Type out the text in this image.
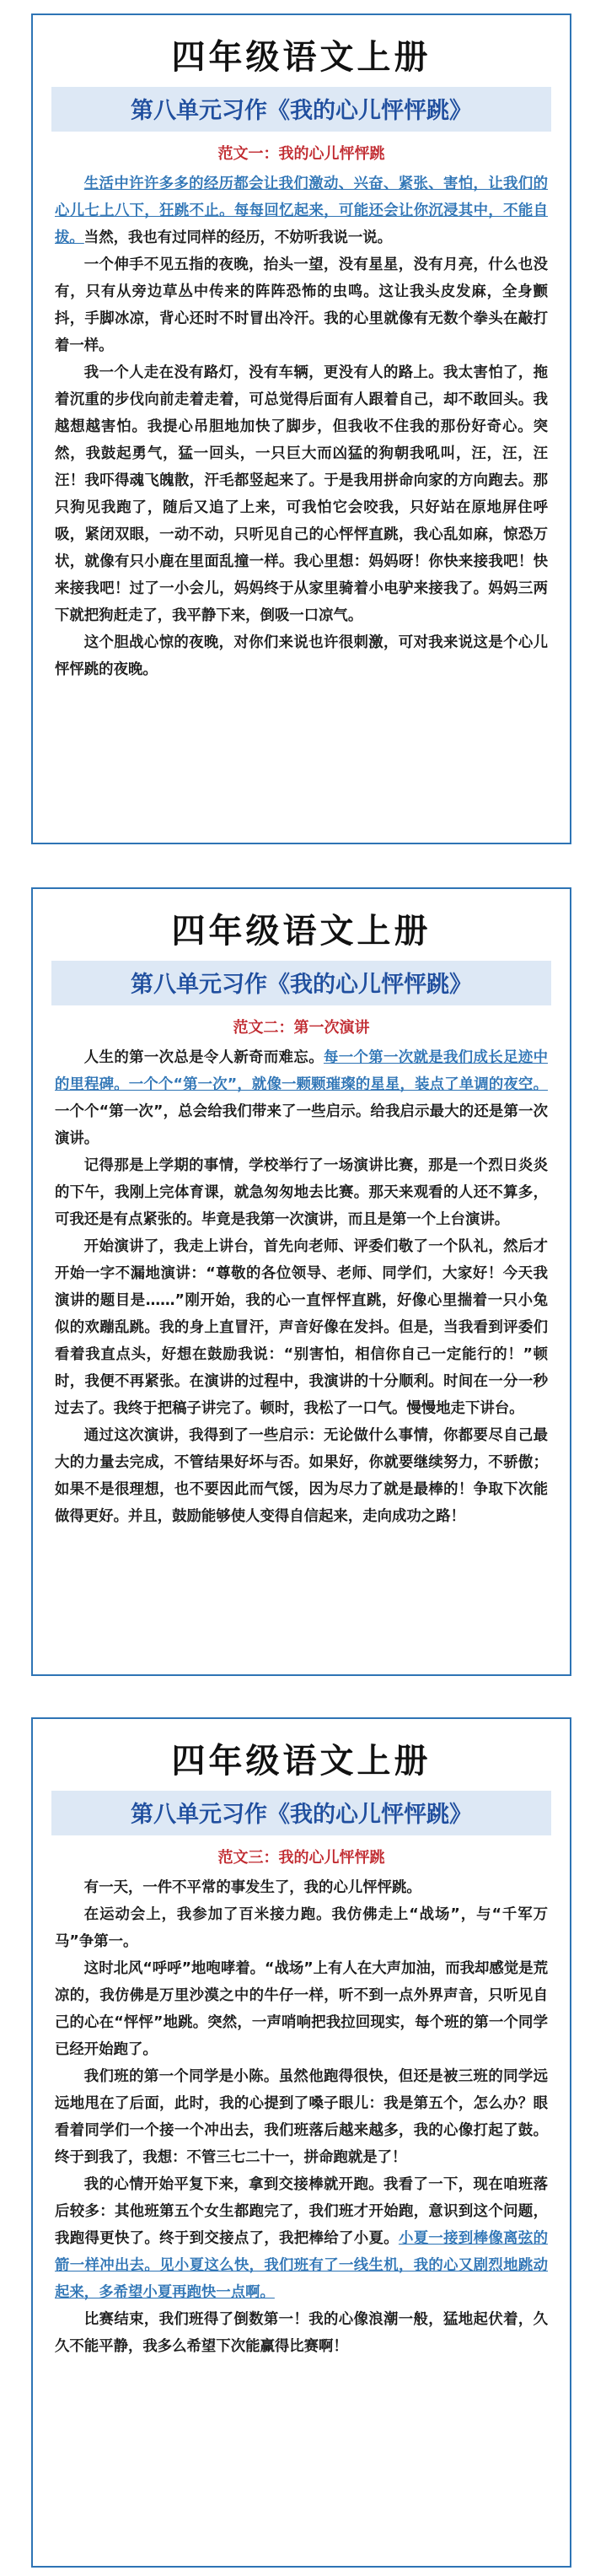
四年级语文上册
第八单元习作《我的心儿怦怦跳》
范文一：我的心儿怦怦跳

生活中许许多多的经历都会让我们激动、兴奋、紧张、害怕，让我们的心儿七上八下，狂跳不止。每每回忆起来，可能还会让你沉浸其中，不能自拔。当然，我也有过同样的经历，不妨听我说一说。

一个伸手不见五指的夜晚，抬头一望，没有星星，没有月亮，什么也没有，只有从旁边草丛中传来的阵阵恐怖的虫鸣。这让我头皮发麻，全身颤抖，手脚冰凉，背心还时不时冒出冷汗。我的心里就像有无数个拳头在敲打着一样。

我一个人走在没有路灯，没有车辆，更没有人的路上。我太害怕了，拖着沉重的步伐向前走着走着，可总觉得后面有人跟着自己，却不敢回头。我越想越害怕。我提心吊胆地加快了脚步，但我收不住我的那份好奇心。突然，我鼓起勇气，猛一回头，一只巨大而凶猛的狗朝我吼叫，汪，汪，汪汪！我吓得魂飞魄散，汗毛都竖起来了。于是我用拼命向家的方向跑去。那只狗见我跑了，随后又追了上来，可我怕它会咬我，只好站在原地屏住呼吸，紧闭双眼，一动不动，只听见自己的心怦怦直跳，我心乱如麻，惊恐万状，就像有只小鹿在里面乱撞一样。我心里想：妈妈呀！你快来接我吧！快来接我吧！过了一小会儿，妈妈终于从家里骑着小电驴来接我了。妈妈三两下就把狗赶走了，我平静下来，倒吸一口凉气。

这个胆战心惊的夜晚，对你们来说也许很刺激，可对我来说这是个心儿怦怦跳的夜晚。

四年级语文上册
第八单元习作《我的心儿怦怦跳》
范文二：第一次演讲

人生的第一次总是令人新奇而难忘。每一个第一次就是我们成长足迹中的里程碑。一个个“第一次”，就像一颗颗璀璨的星星，装点了单调的夜空。一个个“第一次”，总会给我们带来了一些启示。给我启示最大的还是第一次演讲。

记得那是上学期的事情，学校举行了一场演讲比赛，那是一个烈日炎炎的下午，我刚上完体育课，就急匆匆地去比赛。那天来观看的人还不算多，可我还是有点紧张的。毕竟是我第一次演讲，而且是第一个上台演讲。

开始演讲了，我走上讲台，首先向老师、评委们敬了一个队礼，然后才开始一字不漏地演讲：“尊敬的各位领导、老师、同学们，大家好！今天我演讲的题目是……”刚开始，我的心一直怦怦直跳，好像心里揣着一只小兔似的欢蹦乱跳。我的身上直冒汗，声音好像在发抖。但是，当我看到评委们看着我直点头，好想在鼓励我说：“别害怕，相信你自己一定能行的！”顿时，我便不再紧张。在演讲的过程中，我演讲的十分顺利。时间在一分一秒过去了。我终于把稿子讲完了。顿时，我松了一口气。慢慢地走下讲台。

通过这次演讲，我得到了一些启示：无论做什么事情，你都要尽自己最大的力量去完成，不管结果好坏与否。如果好，你就要继续努力，不骄傲；如果不是很理想，也不要因此而气馁，因为尽力了就是最棒的！争取下次能做得更好。并且，鼓励能够使人变得自信起来，走向成功之路！

四年级语文上册
第八单元习作《我的心儿怦怦跳》
范文三：我的心儿怦怦跳

有一天，一件不平常的事发生了，我的心儿怦怦跳。

在运动会上，我参加了百米接力跑。我仿佛走上“战场”，与“千军万马”争第一。

这时北风“呼呼”地咆哮着。“战场”上有人在大声加油，而我却感觉是荒凉的，我仿佛是万里沙漠之中的牛仔一样，听不到一点外界声音，只听见自己的心在“怦怦”地跳。突然，一声哨响把我拉回现实，每个班的第一个同学已经开始跑了。

我们班的第一个同学是小陈。虽然他跑得很快，但还是被三班的同学远远地甩在了后面，此时，我的心提到了嗓子眼儿：我是第五个，怎么办？眼看着同学们一个接一个冲出去，我们班落后越来越多，我的心像打起了鼓。终于到我了，我想：不管三七二十一，拼命跑就是了！

我的心情开始平复下来，拿到交接棒就开跑。我看了一下，现在咱班落后较多：其他班第五个女生都跑完了，我们班才开始跑，意识到这个问题，我跑得更快了。终于到交接点了，我把棒给了小夏。小夏一接到棒像离弦的箭一样冲出去。见小夏这么快，我们班有了一线生机，我的心又剧烈地跳动起来，多希望小夏再跑快一点啊。

比赛结束，我们班得了倒数第一！我的心像浪潮一般，猛地起伏着，久久不能平静，我多么希望下次能赢得比赛啊！
